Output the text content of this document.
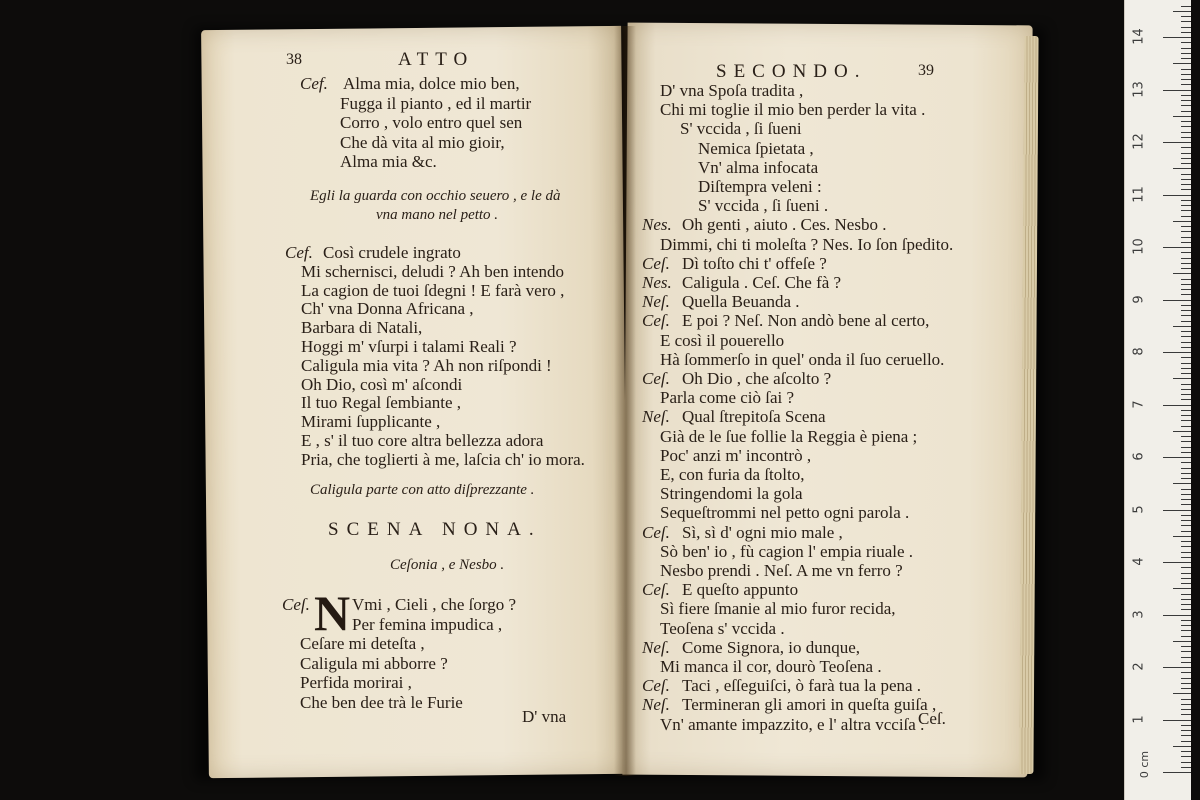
38	ATTO
Cef. Alma mia, dolce mio ben,
Fugga il pianto , ed il martir
Corro , volo entro quel sen
Che dà vita al mio gioir,
Alma mia &c.
Egli la guarda con occhio seuero , e le dà
vna mano nel petto .
Cef. Così crudele ingrato
Mi schernisci, deludi ? Ah ben intendo
La cagion de tuoi ſdegni ! E farà vero ,
Ch' vna Donna Africana ,
Barbara di Natali,
Hoggi m' vſurpi i talami Reali ?
Caligula mia vita ? Ah non riſpondi !
Oh Dio, così m' aſcondi
Il tuo Regal ſembiante ,
Mirami ſupplicante ,
E , s' il tuo core altra bellezza adora
Pria, che toglierti à me, laſcia ch' io mora.
Caligula parte con atto diſprezzante .
SCENA NONA.
Ceſonia , e Nesbo .
Ceſ. N Vmi , Cieli , che ſorgo ?
Per femina impudica ,
Ceſare mi deteſta ,
Caligula mi abborre ?
Perfida morirai ,
Che ben dee trà le Furie
D' vna
SECONDO.	39
D' vna Spoſa tradita ,
Chi mi toglie il mio ben perder la vita .
S' vccida , ſi ſueni
Nemica ſpietata ,
Vn' alma infocata
Diſtempra veleni :
S' vccida , ſi ſueni .
Nes. Oh genti , aiuto . Ces. Nesbo .
Dimmi, chi ti moleſta ? Nes. Io ſon ſpedito.
Ceſ. Dì toſto chi t' offeſe ?
Nes. Caligula . Ceſ. Che fà ?
Neſ. Quella Beuanda .
Ceſ. E poi ? Neſ. Non andò bene al certo,
E così il pouerello
Hà ſommerſo in quel' onda il ſuo ceruello.
Ceſ. Oh Dio , che aſcolto ?
Parla come ciò ſai ?
Neſ. Qual ſtrepitoſa Scena
Già de le ſue follie la Reggia è piena ;
Poc' anzi m' incontrò ,
E, con furia da ſtolto,
Stringendomi la gola
Sequeſtrommi nel petto ogni parola .
Ceſ. Sì, sì d' ogni mio male ,
Sò ben' io , fù cagion l' empia riuale .
Nesbo prendi . Neſ. A me vn ferro ?
Ceſ. E queſto appunto
Sì fiere ſmanie al mio furor recida,
Teoſena s' vccida .
Neſ. Come Signora, io dunque,
Mi manca il cor, dourò Teoſena .
Ceſ. Taci , eſſeguiſci, ò farà tua la pena .
Neſ. Termineran gli amori in queſta guiſa ,
Vn' amante impazzito, e l' altra vcciſa .
Ceſ.
0 cm
14
13
12
11
10
9
8
7
6
5
4
3
2
1
